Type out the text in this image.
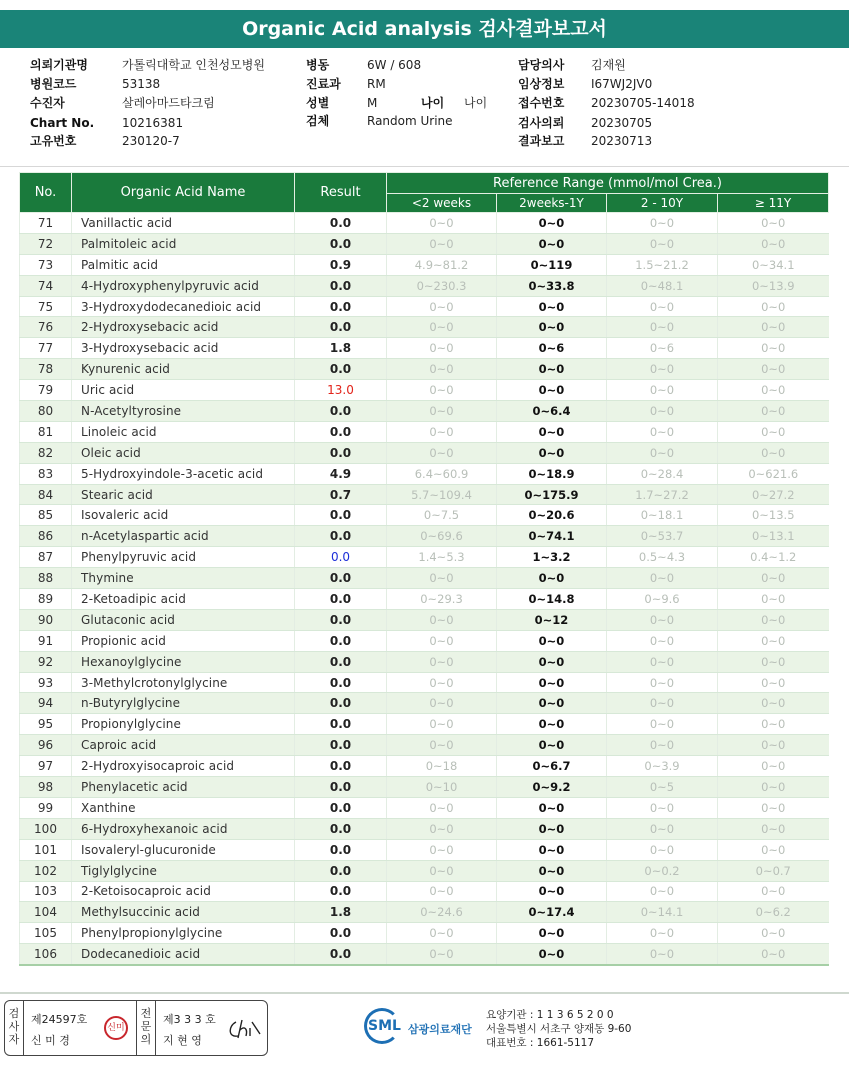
Organic Acid analysis 검사결과보고서
의뢰기관명	가톨릭대학교 인천성모병원
병원코드	53138
수진자	살레아마드타크림
Chart No. 10216381
고유번호	230120-7
병동	6W / 608
진료과 RM
성별	M	나이 나이
검체	Random Urine
담당의사 김재원
임상정보 I67WJ2JV0
접수번호 20230705-14018
검사의뢰 20230705
결과보고 20230713
No.	Organic Acid Name	Result	Reference Range (mmol/mol Crea.)			
			<2 weeks	2weeks-1Y	2 - 10Y	≥ 11Y
71	Vanillactic acid	0.0	0~0	0~0	0~0	0~0
72	Palmitoleic acid	0.0	0~0	0~0	0~0	0~0
73	Palmitic acid	0.9	4.9~81.2	0~119	1.5~21.2	0~34.1
74	4-Hydroxyphenylpyruvic acid	0.0	0~230.3	0~33.8	0~48.1	0~13.9
75	3-Hydroxydodecanedioic acid	0.0	0~0	0~0	0~0	0~0
76	2-Hydroxysebacic acid	0.0	0~0	0~0	0~0	0~0
77	3-Hydroxysebacic acid	1.8	0~0	0~6	0~6	0~0
78	Kynurenic acid	0.0	0~0	0~0	0~0	0~0
79	Uric acid	13.0	0~0	0~0	0~0	0~0
80	N-Acetyltyrosine	0.0	0~0	0~6.4	0~0	0~0
81	Linoleic acid	0.0	0~0	0~0	0~0	0~0
82	Oleic acid	0.0	0~0	0~0	0~0	0~0
83	5-Hydroxyindole-3-acetic acid	4.9	6.4~60.9	0~18.9	0~28.4	0~621.6
84	Stearic acid	0.7	5.7~109.4	0~175.9	1.7~27.2	0~27.2
85	Isovaleric acid	0.0	0~7.5	0~20.6	0~18.1	0~13.5
86	n-Acetylaspartic acid	0.0	0~69.6	0~74.1	0~53.7	0~13.1
87	Phenylpyruvic acid	0.0	1.4~5.3	1~3.2	0.5~4.3	0.4~1.2
88	Thymine	0.0	0~0	0~0	0~0	0~0
89	2-Ketoadipic acid	0.0	0~29.3	0~14.8	0~9.6	0~0
90	Glutaconic acid	0.0	0~0	0~12	0~0	0~0
91	Propionic acid	0.0	0~0	0~0	0~0	0~0
92	Hexanoylglycine	0.0	0~0	0~0	0~0	0~0
93	3-Methylcrotonylglycine	0.0	0~0	0~0	0~0	0~0
94	n-Butyrylglycine	0.0	0~0	0~0	0~0	0~0
95	Propionylglycine	0.0	0~0	0~0	0~0	0~0
96	Caproic acid	0.0	0~0	0~0	0~0	0~0
97	2-Hydroxyisocaproic acid	0.0	0~18	0~6.7	0~3.9	0~0
98	Phenylacetic acid	0.0	0~10	0~9.2	0~5	0~0
99	Xanthine	0.0	0~0	0~0	0~0	0~0
100	6-Hydroxyhexanoic acid	0.0	0~0	0~0	0~0	0~0
101	Isovaleryl-glucuronide	0.0	0~0	0~0	0~0	0~0
102	Tiglylglycine	0.0	0~0	0~0	0~0.2	0~0.7
103	2-Ketoisocaproic acid	0.0	0~0	0~0	0~0	0~0
104	Methylsuccinic acid	1.8	0~24.6	0~17.4	0~14.1	0~6.2
105	Phenylpropionylglycine	0.0	0~0	0~0	0~0	0~0
106	Dodecanedioic acid	0.0	0~0	0~0	0~0	0~0
검사자
제24597호
신 미 경
신미
전문의
제3 3 3 호
지 현 영
SML 삼광의료재단
요양기관 : 1 1 3 6 5 2 0 0
서울특별시 서초구 양재동 9-60
대표번호 : 1661-5117
